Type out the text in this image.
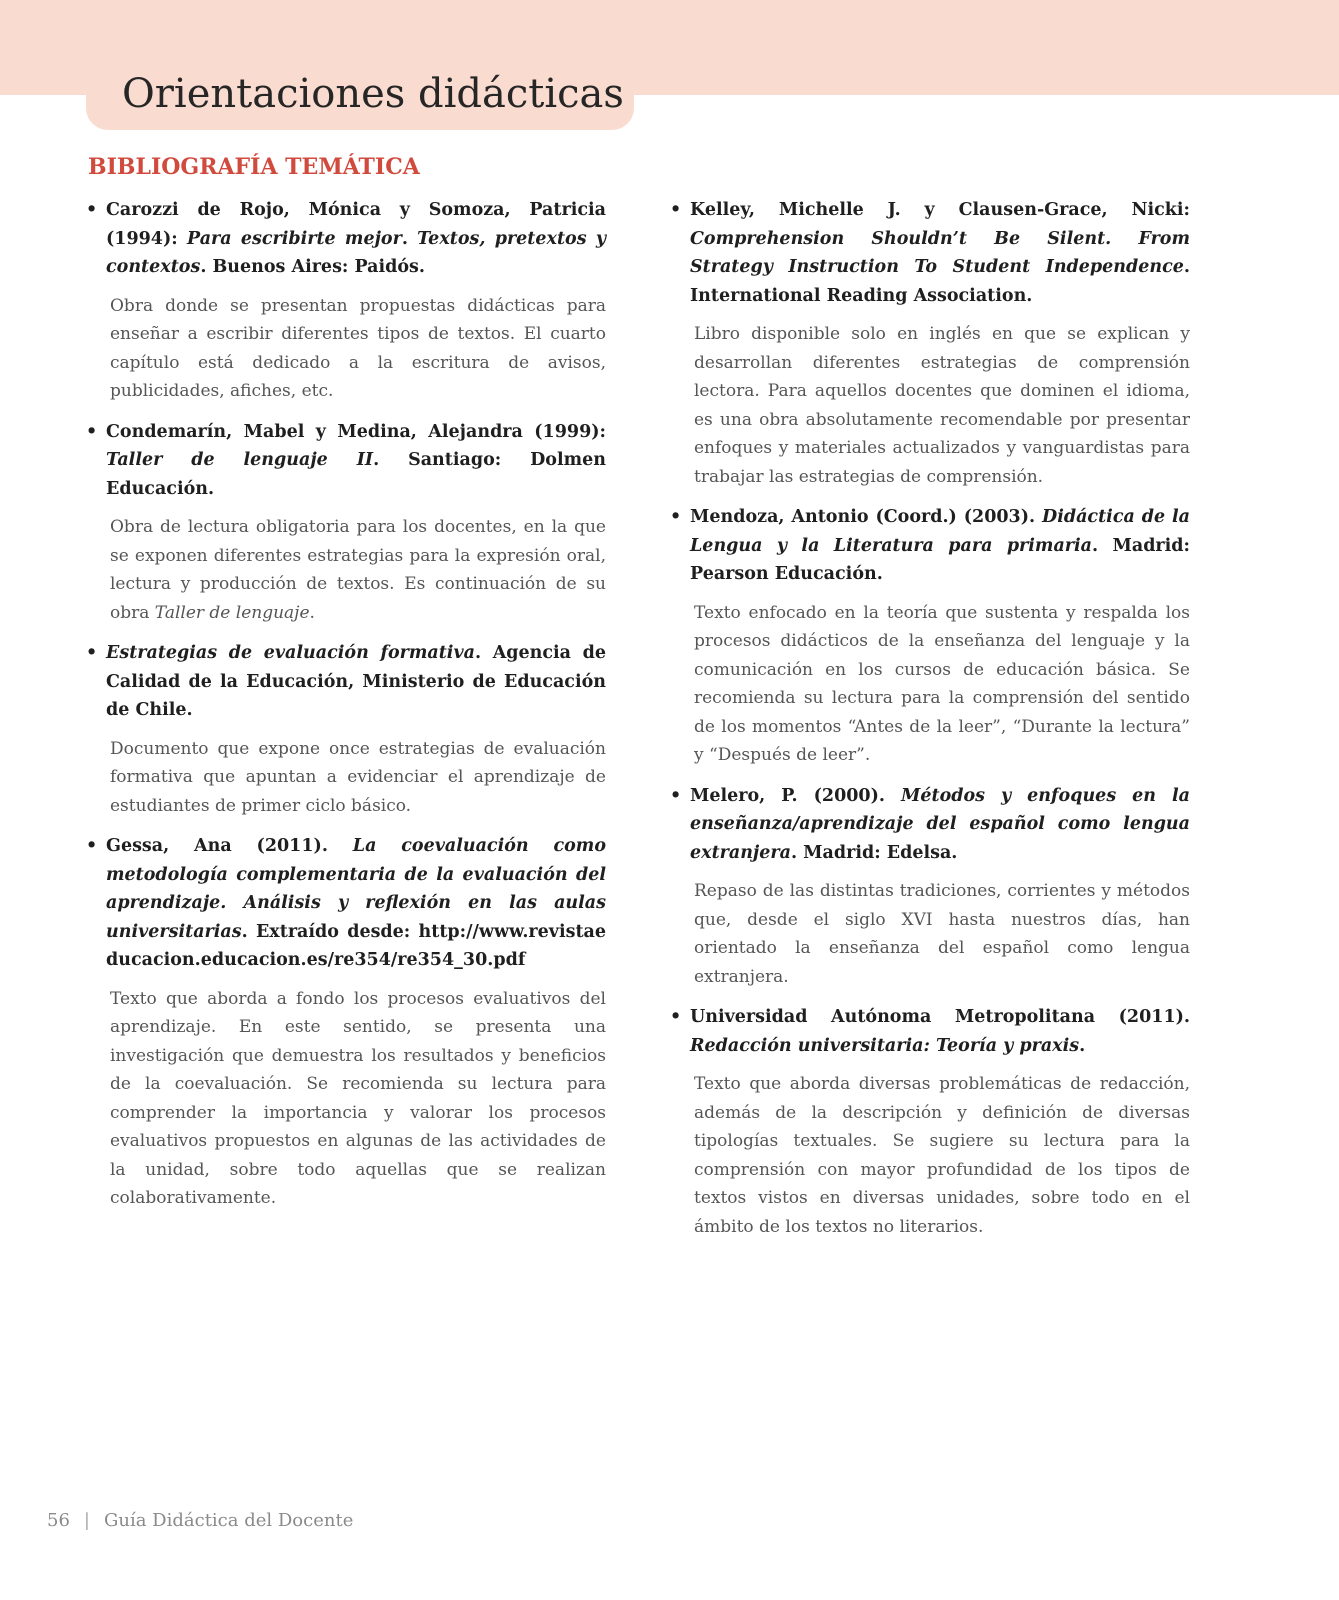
Orientaciones didácticas
BIBLIOGRAFÍA TEMÁTICA

• Carozzi de Rojo, Mónica y Somoza, Patricia (1994): Para escribirte mejor. Textos, pretextos y contextos. Buenos Aires: Paidós.

Obra donde se presentan propuestas didácticas para enseñar a escribir diferentes tipos de textos. El cuarto capítulo está dedicado a la escritura de avisos, publicidades, afiches, etc.

• Condemarín, Mabel y Medina, Alejandra (1999): Taller de lenguaje II. Santiago: Dolmen Educación.

Obra de lectura obligatoria para los docentes, en la que se exponen diferentes estrategias para la expresión oral, lectura y producción de textos. Es continuación de su obra Taller de lenguaje.

• Estrategias de evaluación formativa. Agencia de Calidad de la Educación, Ministerio de Educación de Chile.

Documento que expone once estrategias de evaluación formativa que apuntan a evidenciar el aprendizaje de estudiantes de primer ciclo básico.

• Gessa, Ana (2011). La coevaluación como metodología complementaria de la evaluación del aprendizaje. Análisis y reflexión en las aulas universitarias. Extraído desde: http://www.revistaeducacion.educacion.es/re354/re354_30.pdf

Texto que aborda a fondo los procesos evaluativos del aprendizaje. En este sentido, se presenta una investigación que demuestra los resultados y beneficios de la coevaluación. Se recomienda su lectura para comprender la importancia y valorar los procesos evaluativos propuestos en algunas de las actividades de la unidad, sobre todo aquellas que se realizan colaborativamente.

• Kelley, Michelle J. y Clausen-Grace, Nicki: Comprehension Shouldn’t Be Silent. From Strategy Instruction To Student Independence. International Reading Association.

Libro disponible solo en inglés en que se explican y desarrollan diferentes estrategias de comprensión lectora. Para aquellos docentes que dominen el idioma, es una obra absolutamente recomendable por presentar enfoques y materiales actualizados y vanguardistas para trabajar las estrategias de comprensión.

• Mendoza, Antonio (Coord.) (2003). Didáctica de la Lengua y la Literatura para primaria. Madrid: Pearson Educación.

Texto enfocado en la teoría que sustenta y respalda los procesos didácticos de la enseñanza del lenguaje y la comunicación en los cursos de educación básica. Se recomienda su lectura para la comprensión del sentido de los momentos “Antes de la leer”, “Durante la lectura” y “Después de leer”.

• Melero, P. (2000). Métodos y enfoques en la enseñanza/aprendizaje del español como lengua extranjera. Madrid: Edelsa.

Repaso de las distintas tradiciones, corrientes y métodos que, desde el siglo XVI hasta nuestros días, han orientado la enseñanza del español como lengua extranjera.

• Universidad Autónoma Metropolitana (2011). Redacción universitaria: Teoría y praxis.

Texto que aborda diversas problemáticas de redacción, además de la descripción y definición de diversas tipologías textuales. Se sugiere su lectura para la comprensión con mayor profundidad de los tipos de textos vistos en diversas unidades, sobre todo en el ámbito de los textos no literarios.

56 | Guía Didáctica del Docente
